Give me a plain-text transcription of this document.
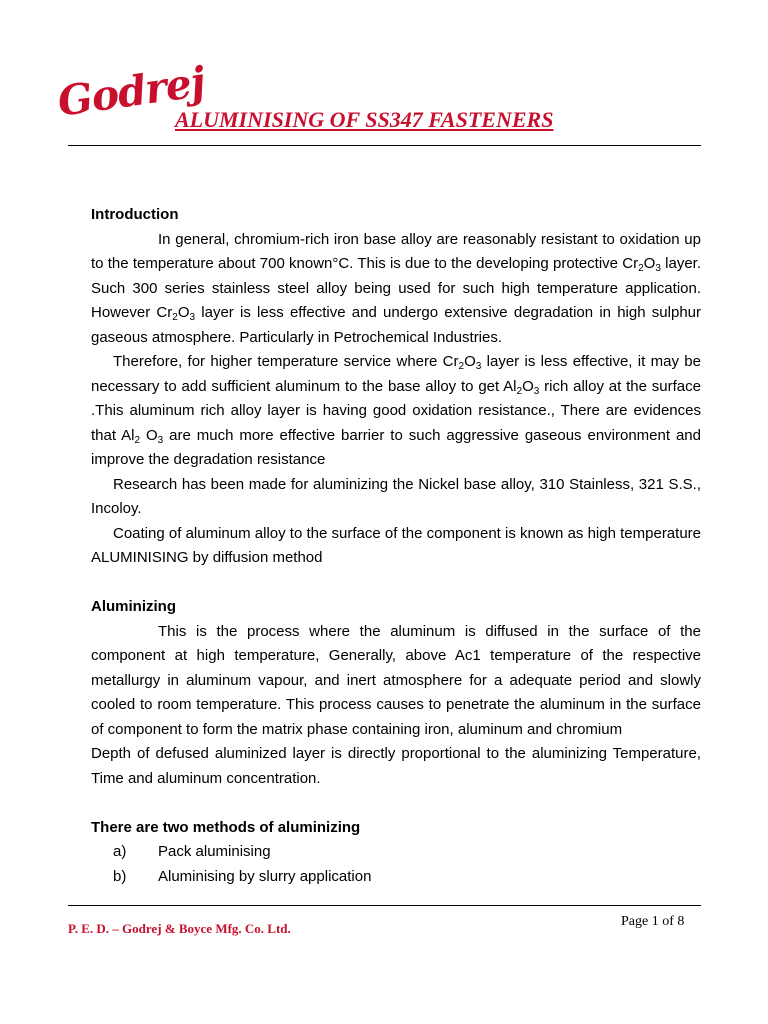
Godrej
ALUMINISING OF SS347 FASTENERS

Introduction

In general, chromium-rich iron base alloy are reasonably resistant to oxidation up to the temperature about 700 known°C. This is due to the developing protective $Cr_2O_3$ layer. Such 300 series stainless steel alloy being used for such high temperature application. However $Cr_2O_3$ layer is less effective and undergo extensive degradation in high sulphur gaseous atmosphere. Particularly in Petrochemical Industries.

Therefore, for higher temperature service where $Cr_2O_3$ layer is less effective, it may be necessary to add sufficient aluminum to the base alloy to get $Al_2O_3$ rich alloy at the surface .This aluminum rich alloy layer is having good oxidation resistance., There are evidences that $Al_2$ $O_3$ are much more effective barrier to such aggressive gaseous environment and improve the degradation resistance

Research has been made for aluminizing the Nickel base alloy, 310 Stainless, 321 S.S., Incoloy.

Coating of aluminum alloy to the surface of the component is known as high temperature ALUMINISING by diffusion method

Aluminizing

This is the process where the aluminum is diffused in the surface of the component at high temperature, Generally, above Ac1 temperature of the respective metallurgy in aluminum vapour, and inert atmosphere for a adequate period and slowly cooled to room temperature. This process causes to penetrate the aluminum in the surface of component to form the matrix phase containing iron, aluminum and chromium

Depth of defused aluminized layer is directly proportional to the aluminizing Temperature, Time and aluminum concentration.

There are two methods of aluminizing

a)	Pack aluminising
b)	Aluminising by slurry application
P. E. D. – Godrej & Boyce Mfg. Co. Ltd.	Page 1 of 8
